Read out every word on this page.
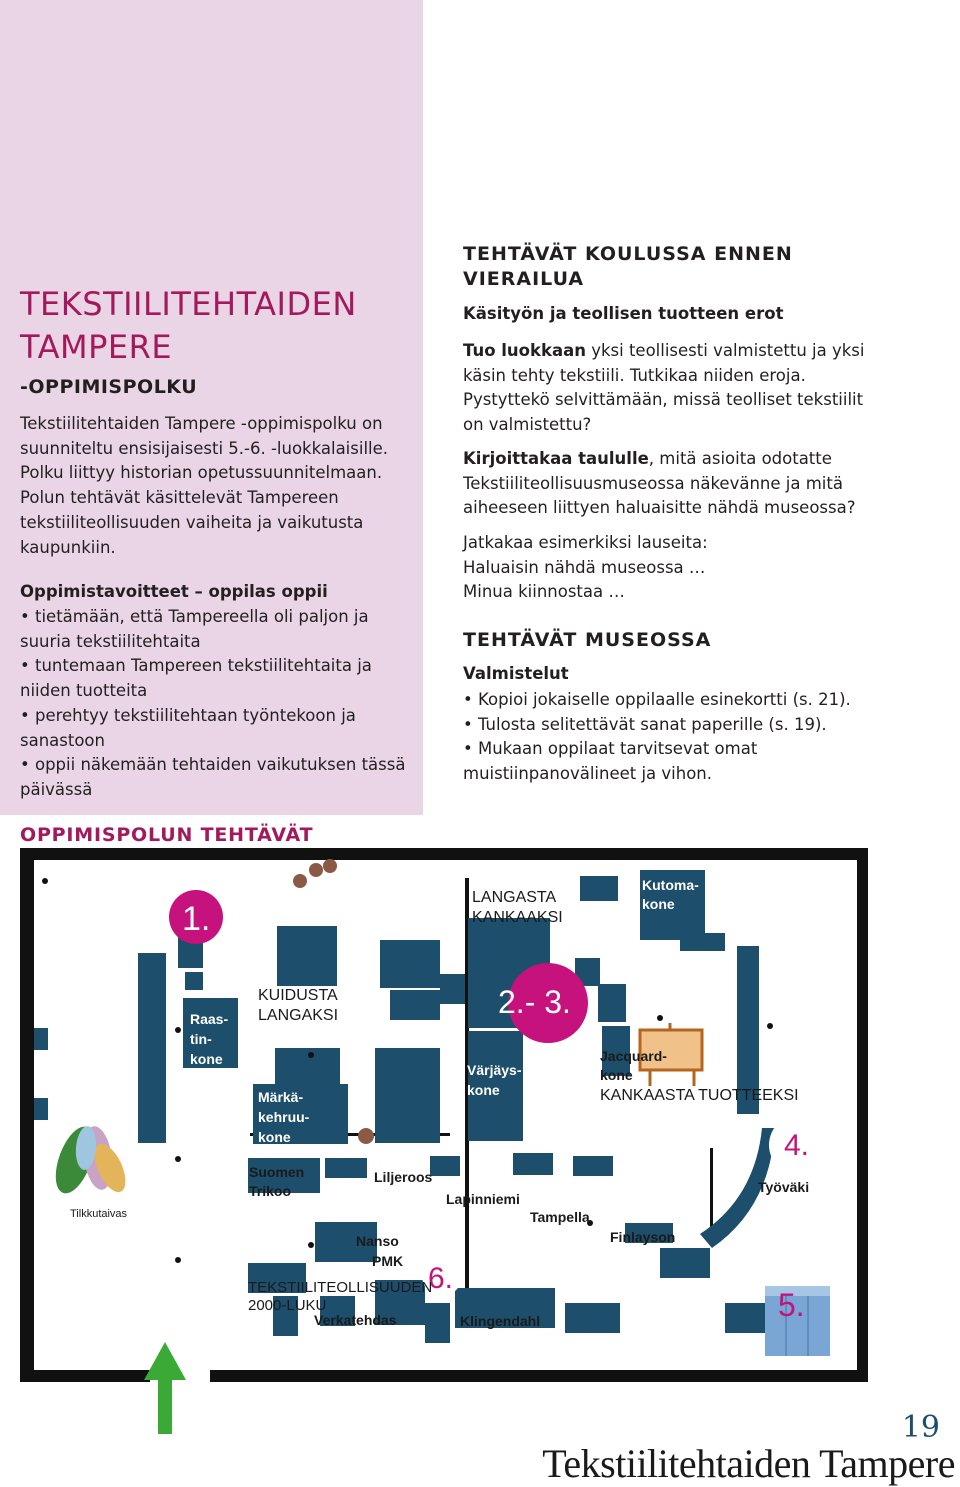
TEKSTIILITEHTAIDEN
TAMPERE
-OPPIMISPOLKU

Tekstiilitehtaiden Tampere -oppimispolku on suunniteltu ensisijaisesti 5.-6. -luokkalaisille. Polku liittyy historian opetussuunnitelmaan. Polun tehtävät käsittelevät Tampereen tekstiiliteollisuuden vaiheita ja vaikutusta kaupunkiin.

Oppimistavoitteet – oppilas oppii
• tietämään, että Tampereella oli paljon ja suuria tekstiilitehtaita
• tuntemaan Tampereen tekstiilitehtaita ja niiden tuotteita
• perehtyy tekstiilitehtaan työntekoon ja sanastoon
• oppii näkemään tehtaiden vaikutuksen tässä päivässä
TEHTÄVÄT KOULUSSA ENNEN VIERAILUA
Käsityön ja teollisen tuotteen erot

Tuo luokkaan yksi teollisesti valmistettu ja yksi käsin tehty tekstiili. Tutkikaa niiden eroja. Pystyttekö selvittämään, missä teolliset tekstiilit on valmistettu?

Kirjoittakaa taululle, mitä asioita odotatte Tekstiiliteollisuusmuseossa näkevänne ja mitä aiheeseen liittyen haluaisitte nähdä museossa?

Jatkakaa esimerkiksi lauseita:
Haluaisin nähdä museossa …
Minua kiinnostaa …

TEHTÄVÄT MUSEOSSA
Valmistelut
• Kopioi jokaiselle oppilaalle esinekortti (s. 21).
• Tulosta selitettävät sanat paperille (s. 19).
• Mukaan oppilaat tarvitsevat omat muistiinpanovälineet ja vihon.
OPPIMISPOLUN TEHTÄVÄT
1.
2.- 3.
4.
5.
6.
LANGASTA
KANKAAKSI
KUIDUSTA
LANGAKSI
KANKAASTA TUOTTEEKSI
TEKSTIILITEOLLISUUDEN
2000-LUKU
Kutoma-
kone
Raas-
tin-
kone
Märkä-
kehruu-
kone
Värjäys-
kone
PMK
Jacquard-
kone
Suomen
Trikoo
Liljeroos
Lapinniemi
Tampella
Työväki
Nanso	Finlayson
Verkatehdas	Klingendahl
Tilkkutaivas

19

Tekstiilitehtaiden Tampere
